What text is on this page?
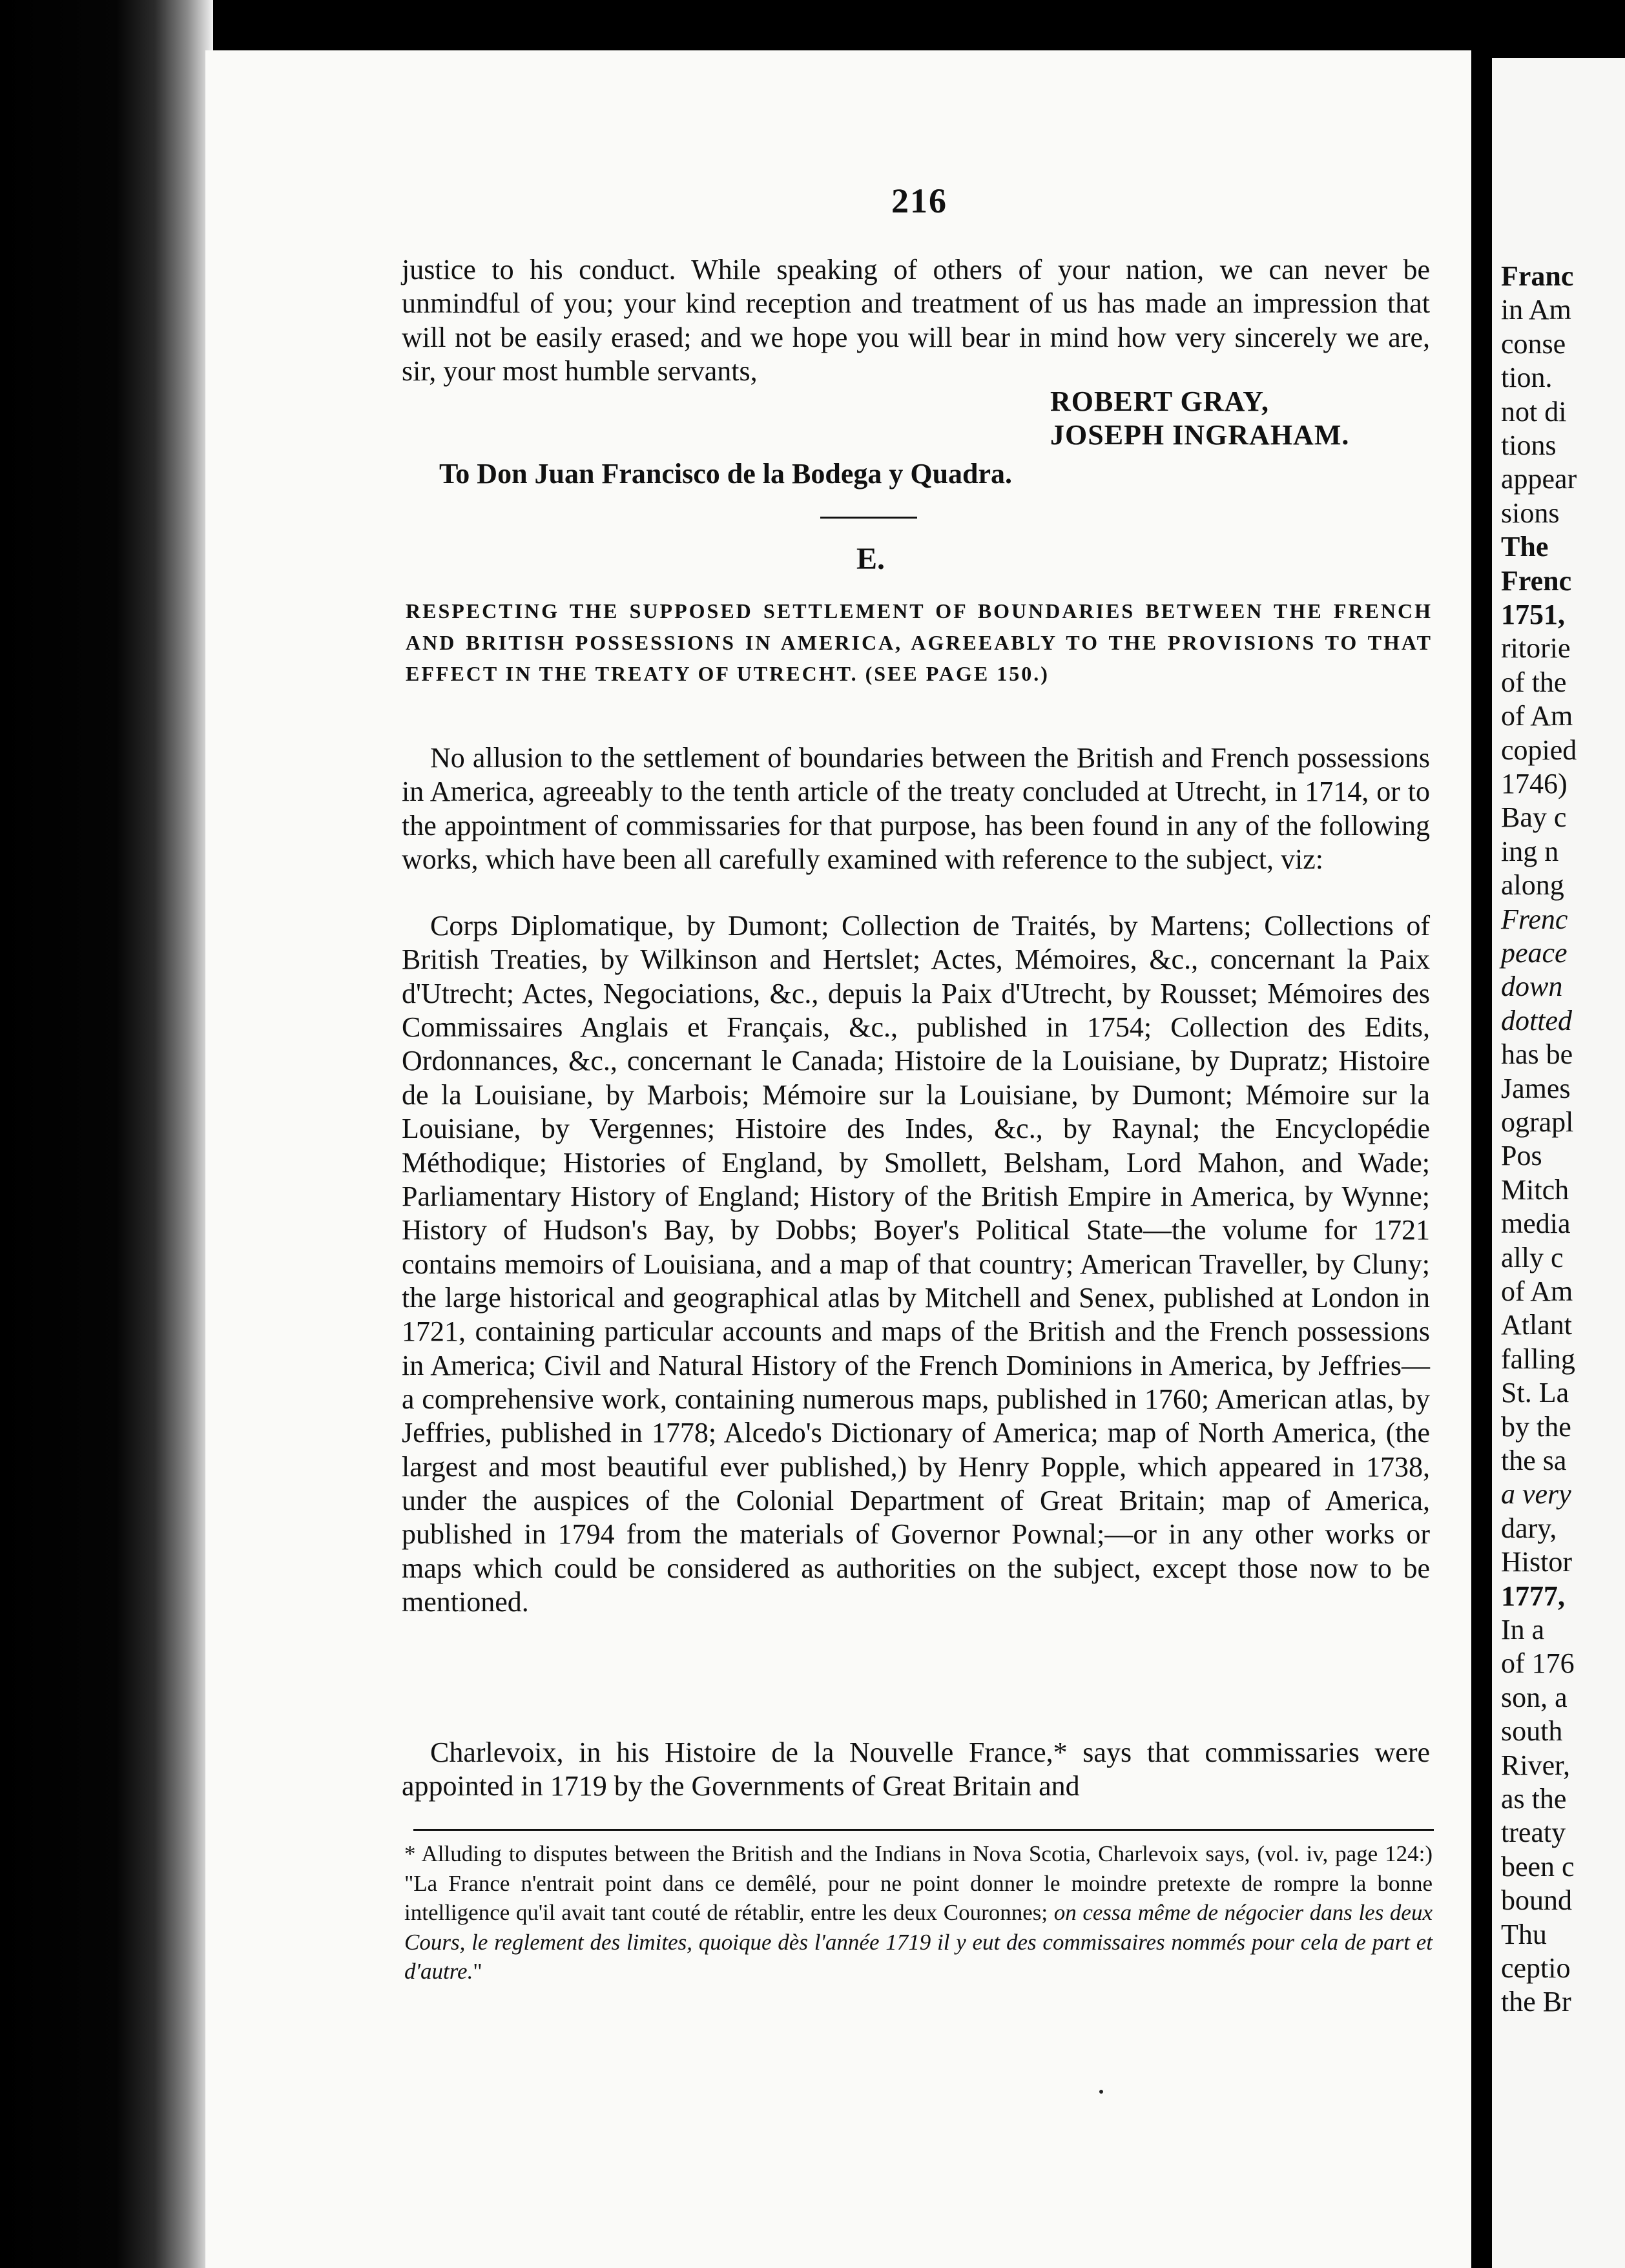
Franc
in Am
conse
tion.
not di
tions
appear
sions
The
Frenc
1751,
ritorie
of the
of Am
copied
1746)
Bay c
ing n
along
Frenc
peace
down
dotted
has be
James
ograpl
Pos
Mitch
media
ally c
of Am
Atlant
falling
St. La
by the
the sa
a very
dary,
Histor
1777,
In a
of 176
son, a
south
River,
as the
treaty
been c
bound
Thu
ceptio
the Br
216

justice to his conduct. While speaking of others of your nation, we can never be unmindful of you; your kind reception and treatment of us has made an impression that will not be easily erased; and we hope you will bear in mind how very sincerely we are, sir, your most humble servants,

ROBERT GRAY,
JOSEPH INGRAHAM.
To Don Juan Francisco de la Bodega y Quadra.
E.

RESPECTING THE SUPPOSED SETTLEMENT OF BOUNDARIES BETWEEN THE FRENCH AND BRITISH POSSESSIONS IN AMERICA, AGREEABLY TO THE PROVISIONS TO THAT EFFECT IN THE TREATY OF UTRECHT. (SEE PAGE 150.)

No allusion to the settlement of boundaries between the British and French possessions in America, agreeably to the tenth article of the treaty concluded at Utrecht, in 1714, or to the appointment of commissaries for that purpose, has been found in any of the following works, which have been all carefully examined with reference to the subject, viz:

Corps Diplomatique, by Dumont; Collection de Traités, by Martens; Collections of British Treaties, by Wilkinson and Hertslet; Actes, Mémoires, &c., concernant la Paix d'Utrecht; Actes, Negociations, &c., depuis la Paix d'Utrecht, by Rousset; Mémoires des Commissaires Anglais et Français, &c., published in 1754; Collection des Edits, Ordonnances, &c., concernant le Canada; Histoire de la Louisiane, by Dupratz; Histoire de la Louisiane, by Marbois; Mémoire sur la Louisiane, by Dumont; Mémoire sur la Louisiane, by Vergennes; Histoire des Indes, &c., by Raynal; the Encyclopédie Méthodique; Histories of England, by Smollett, Belsham, Lord Mahon, and Wade; Parliamentary History of England; History of the British Empire in America, by Wynne; History of Hudson's Bay, by Dobbs; Boyer's Political State—the volume for 1721 contains memoirs of Louisiana, and a map of that country; American Traveller, by Cluny; the large historical and geographical atlas by Mitchell and Senex, published at London in 1721, containing particular accounts and maps of the British and the French possessions in America; Civil and Natural History of the French Dominions in America, by Jeffries—a comprehensive work, containing numerous maps, published in 1760; American atlas, by Jeffries, published in 1778; Alcedo's Dictionary of America; map of North America, (the largest and most beautiful ever published,) by Henry Popple, which appeared in 1738, under the auspices of the Colonial Department of Great Britain; map of America, published in 1794 from the materials of Governor Pownal;—or in any other works or maps which could be considered as authorities on the subject, except those now to be mentioned.

Charlevoix, in his Histoire de la Nouvelle France,* says that commissaries were appointed in 1719 by the Governments of Great Britain and

* Alluding to disputes between the British and the Indians in Nova Scotia, Charlevoix says, (vol. iv, page 124:) "La France n'entrait point dans ce demêlé, pour ne point donner le moindre pretexte de rompre la bonne intelligence qu'il avait tant couté de rétablir, entre les deux Couronnes; on cessa même de négocier dans les deux Cours, le reglement des limites, quoique dès l'année 1719 il y eut des commissaires nommés pour cela de part et d'autre."
